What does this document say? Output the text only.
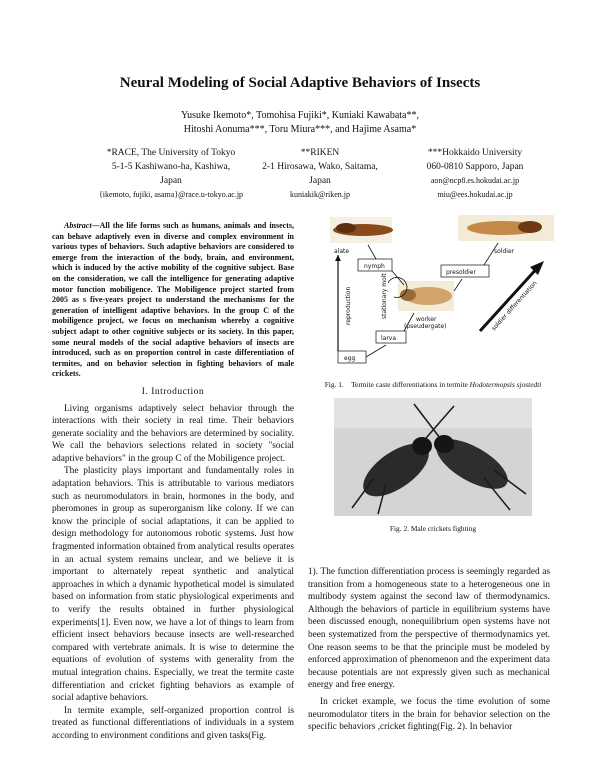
Neural Modeling of Social Adaptive Behaviors of Insects
Yusuke Ikemoto*, Tomohisa Fujiki*, Kuniaki Kawabata**,
Hitoshi Aonuma***, Toru Miura***, and Hajime Asama*
*RACE, The University of Tokyo
5-1-5 Kashiwano-ha, Kashiwa,
Japan
{ikemoto, fujiki, asama}@race.u-tokyo.ac.jp
**RIKEN
2-1 Hirosawa, Wako, Saitama,
Japan
kuniakik@riken.jp
***Hokkaido University
060-0810 Sapporo, Japan
aon@ncp8.es.hokudai.ac.jp
miu@ees.hokudai.ac.jp

Abstract—All the life forms such as humans, animals and insects, can behave adaptively even in diverse and complex environment in various types of behaviors. Such adaptive behaviors are considered to emerge from the interaction of the body, brain, and environment, which is induced by the active mobility of the cognitive subject. Base on the consideration, we call the intelligence for generating adaptive motor function mobiligence. The Mobiligence project started from 2005 as s five-years project to understand the mechanisms for the generation of intelligent adaptive behaviors. In the group C of the mobiligence project, we focus on mechanism whereby a cognitive subject adapt to other cognitive subjects or its society. In this paper, some neural models of the social adaptive behaviors of insects are introduced, such as on proportion control in caste differentiation of termites, and on behavior selection in fighting behaviors of male crickets.

I. Introduction

Living organisms adaptively select behavior through the interactions with their society in real time. Their behaviors generate sociality and the behaviors are determined by sociality. We call the behaviors selections related in society "social adaptive behaviors" in the group C of the Mobiligence project.

The plasticity plays important and fundamentally roles in adaptation behaviors. This is attributable to various mediators such as neuromodulators in brain, hormones in the body, and pheromones in group as superorganism like colony. If we can know the principle of social adaptations, it can be applied to design methodology for autonomous robotic systems. Just how fragmented information obtained from analytical results operates in an actual system remains unclear, and we believe it is important to alternately repeat synthetic and analytical approaches in which a dynamic hypothetical model is simulated based on information from static physiological experiments and to verify the results obtained in further physiological experiments[1]. Even now, we have a lot of things to learn from efficient insect behaviors because insects are well-researched compared with vertebrate animals. It is wise to determine the equations of evolution of systems with generality from the mutual integration chains. Especially, we treat the termite caste differentiation and cricket fighting behaviors as example of social adaptive behaviors.

In termite example, self-organized proportion control is treated as functional differentiations of individuals in a system according to environment conditions and given tasks(Fig.

alate	soldier
nymph
presoldier
worker
(pseudergate)
larva
egg
reproduction	stationary molt	soldier differentiation
Fig. 1. Termite caste differentiations in termite Hodotermopsis sjostedti
Fig. 2. Male crickets fighting

1). The function differentiation process is seemingly regarded as transition from a homogeneous state to a heterogeneous one in multibody system against the second law of thermodynamics. Although the behaviors of particle in equilibrium systems have been discussed enough, nonequilibrium open systems have not been systematized from the perspective of thermodynamics yet. One reason seems to be that the principle must be modeled by enforced approximation of phenomenon and the experiment data because potentials are not expressly given such as mechanical energy and free energy.

In cricket example, we focus the time evolution of some neuromodulator titers in the brain for behavior selection on the specific behaviors ,cricket fighting(Fig. 2). In behavior
